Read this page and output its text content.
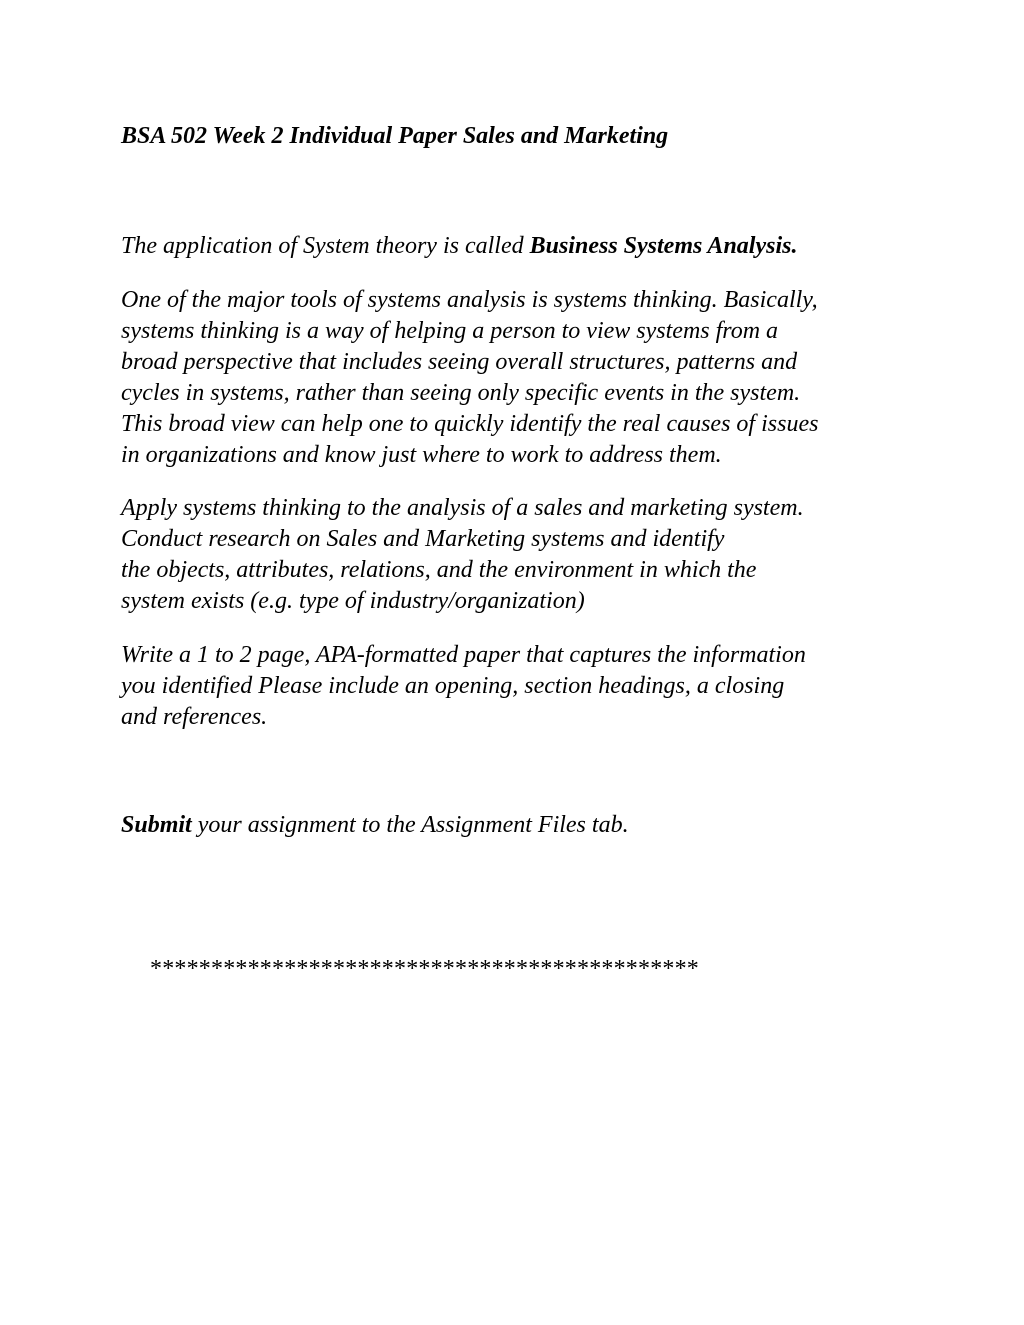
BSA 502 Week 2 Individual Paper Sales and Marketing

The application of System theory is called Business Systems Analysis.

One of the major tools of systems analysis is systems thinking. Basically,
systems thinking is a way of helping a person to view systems from a
broad perspective that includes seeing overall structures, patterns and
cycles in systems, rather than seeing only specific events in the system.
This broad view can help one to quickly identify the real causes of issues
in organizations and know just where to work to address them.

Apply systems thinking to the analysis of a sales and marketing system.
Conduct research on Sales and Marketing systems and identify
the objects, attributes, relations, and the environment in which the
system exists (e.g. type of industry/organization)

Write a 1 to 2 page, APA-formatted paper that captures the information
you identified Please include an opening, section headings, a closing
and references.

Submit your assignment to the Assignment Files tab.

*********************************************
